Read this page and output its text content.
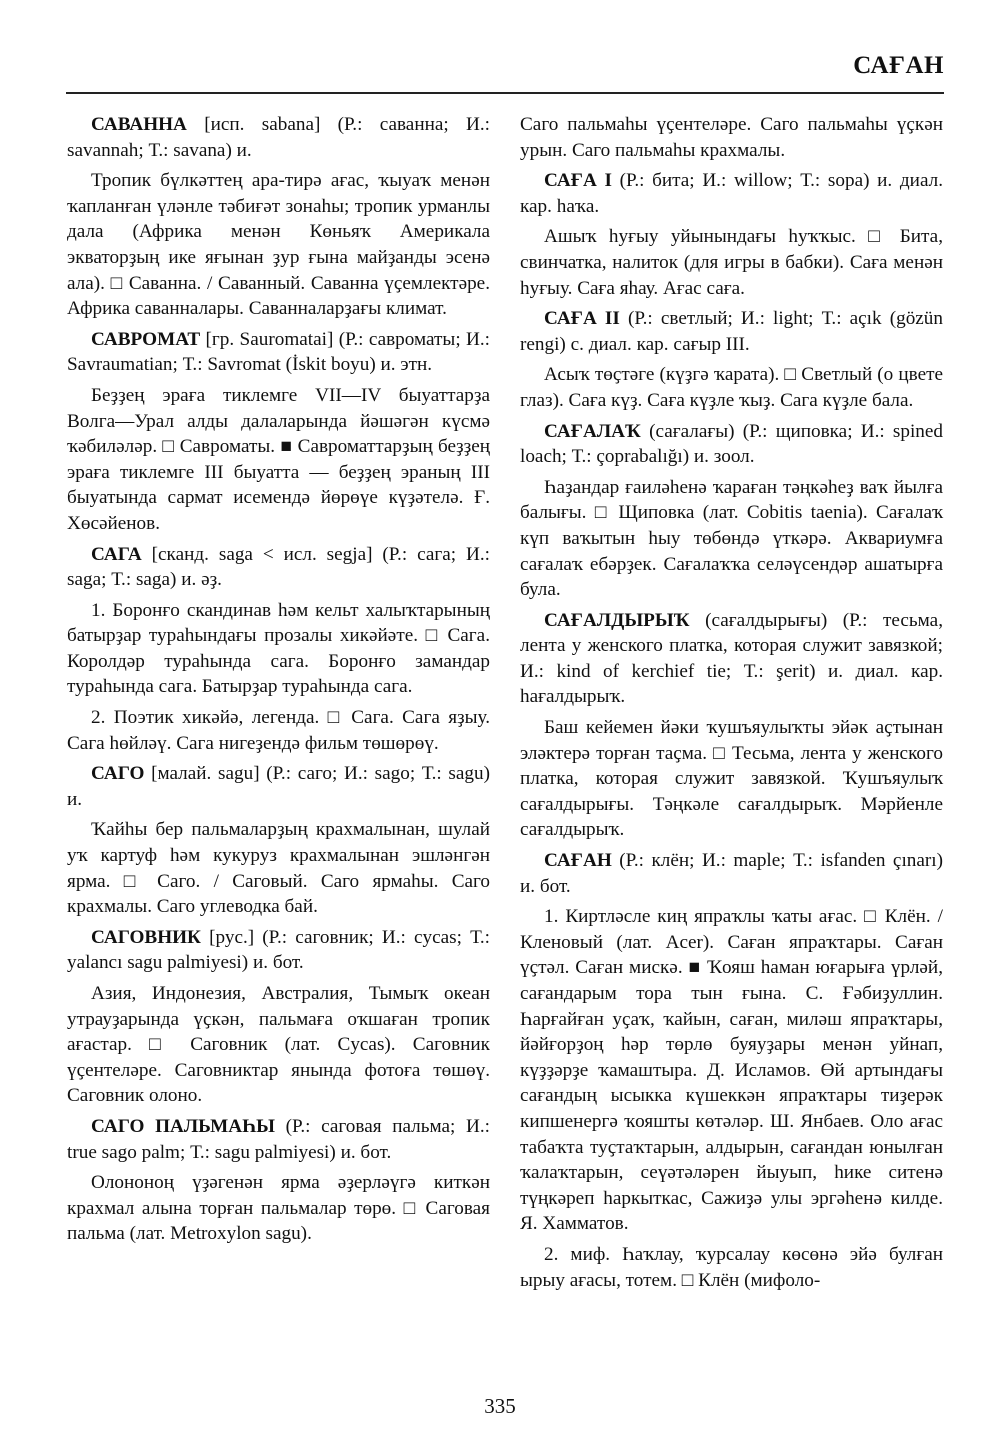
САҒАН

САВАННА [исп. sabana] (Р.: саванна; И.: savannah; Т.: savana) и.

Тропик бүлкәттең ара-тирә ағас, ҡыуаҡ менән ҡапланған үләнле тәбиғәт зонаһы; тропик урманлы дала (Африка менән Көньяҡ Америкала экваторҙың ике яғынан ҙур ғына майҙанды эсенә ала). □ Саванна. / Саванный. Саванна үҫемлектәре. Африка саванналары. Саванналарҙағы климат.

САВРОМАТ [гр. Sauromatai] (Р.: савроматы; И.: Savraumatian; Т.: Savromat (İskit boyu) и. этн.

Беҙҙең эраға тиклемге VII—IV быуаттарҙа Волга—Урал алды далаларында йәшәгән күсмә ҡәбиләләр. □ Савроматы. ■ Савроматтарҙың беҙҙең эраға тиклемге III быуатта — беҙҙең эраның III быуатында сармат исемендә йөрөүе күҙәтелә. Ғ. Хөсәйенов.

САГА [сканд. saga < исл. segja] (Р.: сага; И.: saga; Т.: saga) и. әҙ.

1. Боронғо скандинав һәм кельт халыҡтарының батырҙар тураһындағы прозалы хикәйәте. □ Сага. Королдәр тураһында сага. Боронғо замандар тураһында сага. Батырҙар тураһында сага.

2. Поэтик хикәйә, легенда. □ Сага. Сага яҙыу. Сага һөйләү. Сага нигеҙендә фильм төшөрөү.

САГО [малай. sagu] (Р.: саго; И.: sago; Т.: sagu) и.

Ҡайһы бер пальмаларҙың крахмалынан, шулай уҡ картуф һәм кукуруз крахмалынан эшләнгән ярма. □ Саго. / Саговый. Саго ярмаһы. Саго крахмалы. Саго углеводка бай.

САГОВНИК [рус.] (Р.: саговник; И.: cycas; Т.: yalancı sagu palmiyesi) и. бот.

Азия, Индонезия, Австралия, Тымыҡ океан утрауҙарында үҫкән, пальмаға оҡшаған тропик ағастар. □ Саговник (лат. Cycas). Саговник үҫентеләре. Саговниктар янында фотоға төшөү. Саговник олоно.

САГО ПАЛЬМАҺЫ (Р.: саговая пальма; И.: true sago palm; Т.: sagu palmiyesi) и. бот.

Олононоң үҙәгенән ярма әҙерләүгә киткән крахмал алына торған пальмалар төрө. □ Саговая пальма (лат. Metroxylon sagu).

Саго пальмаһы үҫентеләре. Саго пальмаһы үҫкән урын. Саго пальмаһы крахмалы.

САҒА I (Р.: бита; И.: willow; Т.: sopa) и. диал. кар. һаҡа.

Ашыҡ һуғыу уйынындағы һуҡҡыс. □ Бита, свинчатка, налиток (для игры в бабки). Саға менән һуғыу. Саға яһау. Ағас саға.

САҒА II (Р.: светлый; И.: light; Т.: açık (gözün rengi) с. диал. кар. сағыр III.

Асыҡ төҫтәге (күҙгә ҡарата). □ Светлый (о цвете глаз). Саға күҙ. Саға күҙле ҡыҙ. Сага күҙле бала.

САҒАЛАҠ (сағалағы) (Р.: щиповка; И.: spined loach; Т.: çoprabalığı) и. зоол.

Һаҙандар ғаиләһенә ҡараған тәңкәһеҙ ваҡ йылға балығы. □ Щиповка (лат. Cobitis taenia). Сағалаҡ күп ваҡытын һыу төбөндә үткәрә. Аквариумға сағалаҡ ебәрҙек. Сағалаҡҡа селәүсендәр ашатырға була.

САҒАЛДЫРЫҠ (сағалдырығы) (Р.: тесьма, лента у женского платка, которая служит завязкой; И.: kind of kerchief tie; Т.: şerit) и. диал. кар. һағалдырыҡ.

Баш кейемен йәки ҡушъяулыҡты эйәк аҫтынан эләктерә торған таҫма. □ Тесьма, лента у женского платка, которая служит завязкой. Ҡушъяулыҡ сағалдырығы. Тәңкәле сағалдырыҡ. Мәрйенле сағалдырыҡ.

САҒАН (Р.: клён; И.: maple; Т.: isfanden çınarı) и. бот.

1. Киртләсле киң япраҡлы ҡаты ағас. □ Клён. / Кленовый (лат. Acer). Саған япраҡтары. Саған үҫтәл. Саған мискә. ■ Ҡояш һаман юғарыға үрләй, сағандарым тора тын ғына. С. Ғәбиҙуллин. Һарғайған уҫаҡ, ҡайын, саған, миләш япраҡтары, йәйғорҙоң һәр төрлө буяуҙары менән уйнап, күҙҙәрҙе ҡамаштыра. Д. Исламов. Өй артындағы сағандың ысыкка күшеккән япраҡтары тиҙерәк кипшенергә ҡояшты көтәләр. Ш. Янбаев. Оло ағас табаҡта туҫтаҡтарын, алдырын, сағандан юнылған ҡалаҡтарын, сеүәтәләрен йыуып, һике ситенә түңкәреп һаркыткас, Сажиҙә улы эргәһенә килде. Я. Хамматов.

2. миф. Һаҡлау, ҡурсалау көсөнә эйә булған ырыу ағасы, тотем. □ Клён (мифоло-

335
